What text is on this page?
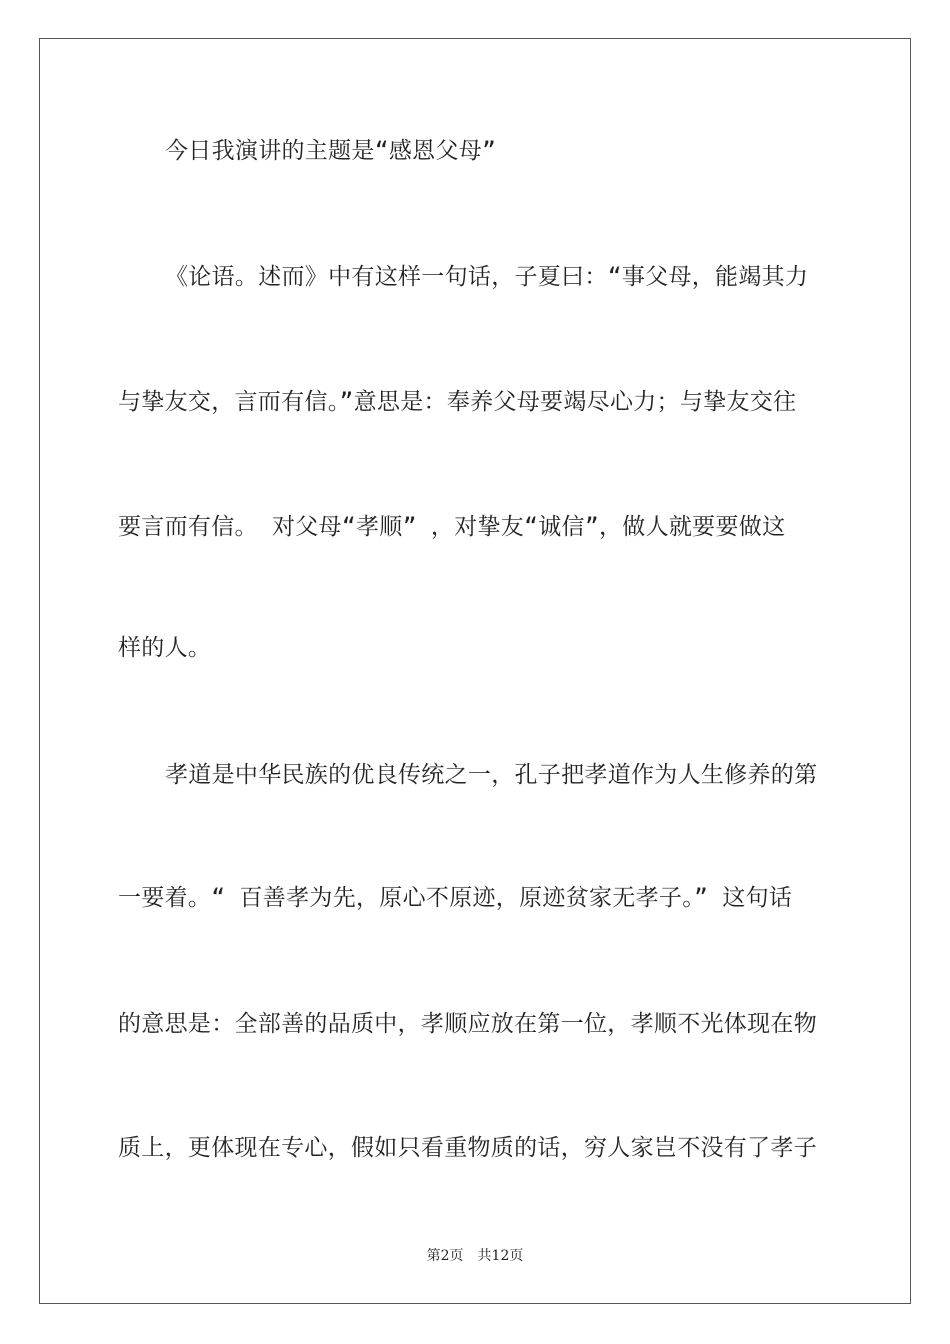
今日我演讲的主题是“感恩父母”
《论语。述而》中有这样一句话，子夏曰：“事父母，能竭其力
与挚友交，言而有信。”意思是：奉养父母要竭尽心力；与挚友交往
要言而有信。 对父母“孝顺” ，对挚友“诚信”，做人就要要做这
样的人。
孝道是中华民族的优良传统之一，孔子把孝道作为人生修养的第
一要着。“ 百善孝为先，原心不原迹，原迹贫家无孝子。” 这句话
的意思是：全部善的品质中，孝顺应放在第一位，孝顺不光体现在物
质上，更体现在专心，假如只看重物质的话，穷人家岂不没有了孝子
第2页 共12页
